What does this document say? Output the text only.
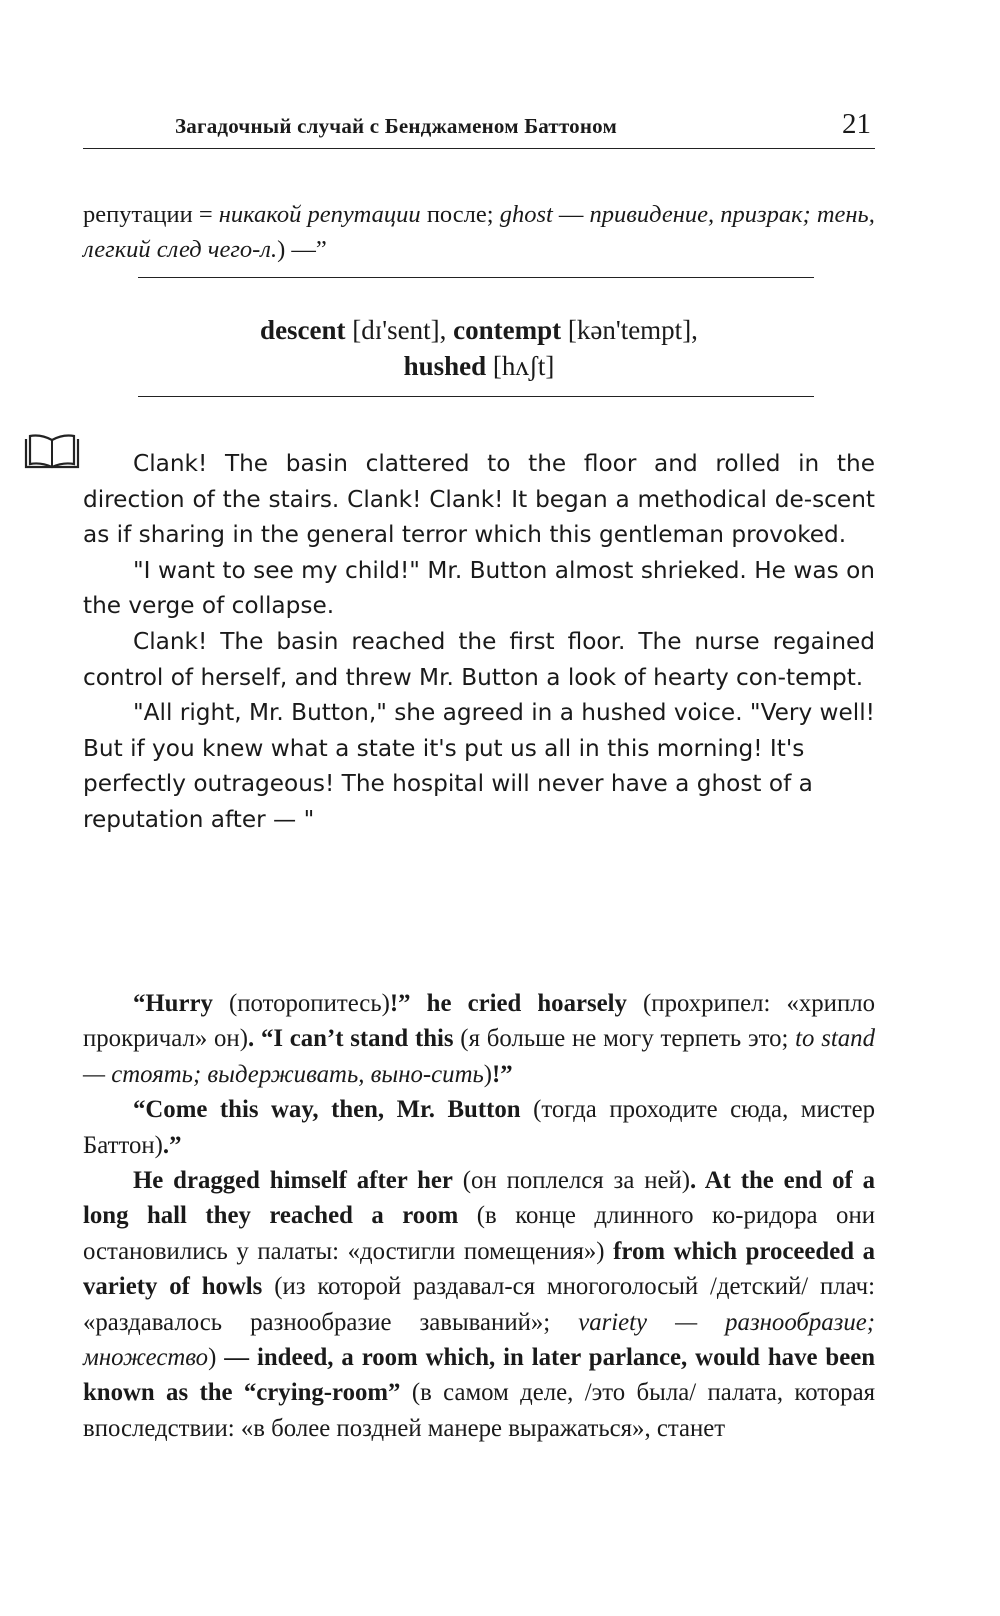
Загадочный случай с Бенджаменом Баттоном	21

репутации = никакой репутации после; ghost — привидение, призрак; тень, легкий след чего-л.) —”

descent [dɪ'sent], contempt [kən'tempt],
hushed [hʌʃt]

Clank! The basin clattered to the floor and rolled in the direction of the stairs. Clank! Clank! It began a methodical de-scent as if sharing in the general terror which this gentleman provoked.

"I want to see my child!" Mr. Button almost shrieked. He was on the verge of collapse.

Clank! The basin reached the first floor. The nurse regained control of herself, and threw Mr. Button a look of hearty con-tempt.

"All right, Mr. Button," she agreed in a hushed voice. "Very well! But if you knew what a state it's put us all in this morning! It's perfectly outrageous! The hospital will never have a ghost of a reputation after — "

“Hurry (поторопитесь)!” he cried hoarsely (прохрипел: «хрипло прокричал» он). “I can’t stand this (я больше не могу терпеть это; to stand — стоять; выдерживать, выно-сить)!”

“Come this way, then, Mr. Button (тогда проходите сюда, мистер Баттон).”

He dragged himself after her (он поплелся за ней). At the end of a long hall they reached a room (в конце длинного ко-ридора они остановились у палаты: «достигли помещения») from which proceeded a variety of howls (из которой раздавал-ся многоголосый /детский/ плач: «раздавалось разнообразие завываний»; variety — разнообразие; множество) — indeed, a room which, in later parlance, would have been known as the “crying-room” (в самом деле, /это была/ палата, которая впоследствии: «в более поздней манере выражаться», станет
